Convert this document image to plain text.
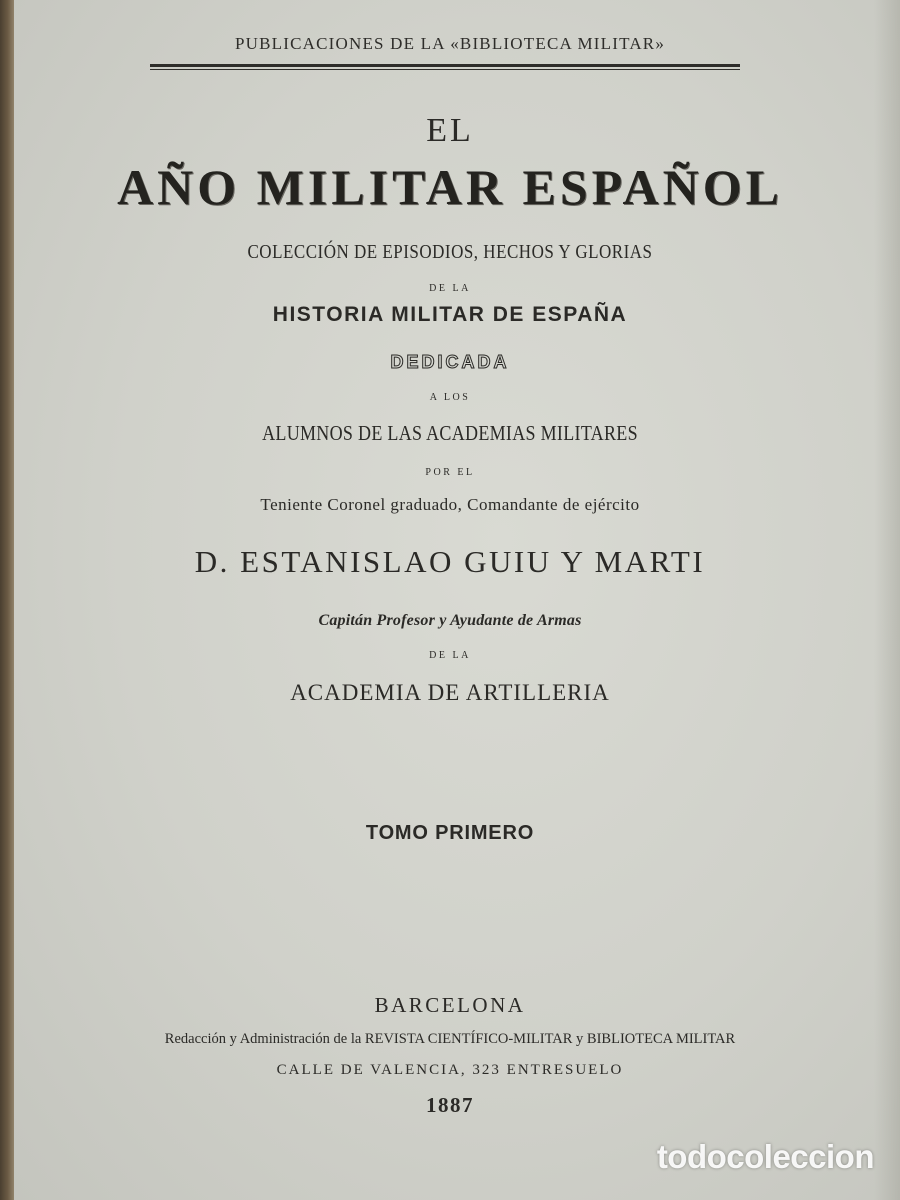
PUBLICACIONES DE LA «BIBLIOTECA MILITAR»
EL
AÑO MILITAR ESPAÑOL
COLECCIÓN DE EPISODIOS, HECHOS Y GLORIAS
DE LA
HISTORIA MILITAR DE ESPAÑA
DEDICADA
A LOS
ALUMNOS DE LAS ACADEMIAS MILITARES
POR EL
Teniente Coronel graduado, Comandante de ejército
D. ESTANISLAO GUIU Y MARTI
Capitán Profesor y Ayudante de Armas
DE LA
ACADEMIA DE ARTILLERIA
TOMO PRIMERO
BARCELONA
Redacción y Administración de la REVISTA CIENTÍFICO-MILITAR y BIBLIOTECA MILITAR
CALLE DE VALENCIA, 323 ENTRESUELO
1887
todocoleccion
